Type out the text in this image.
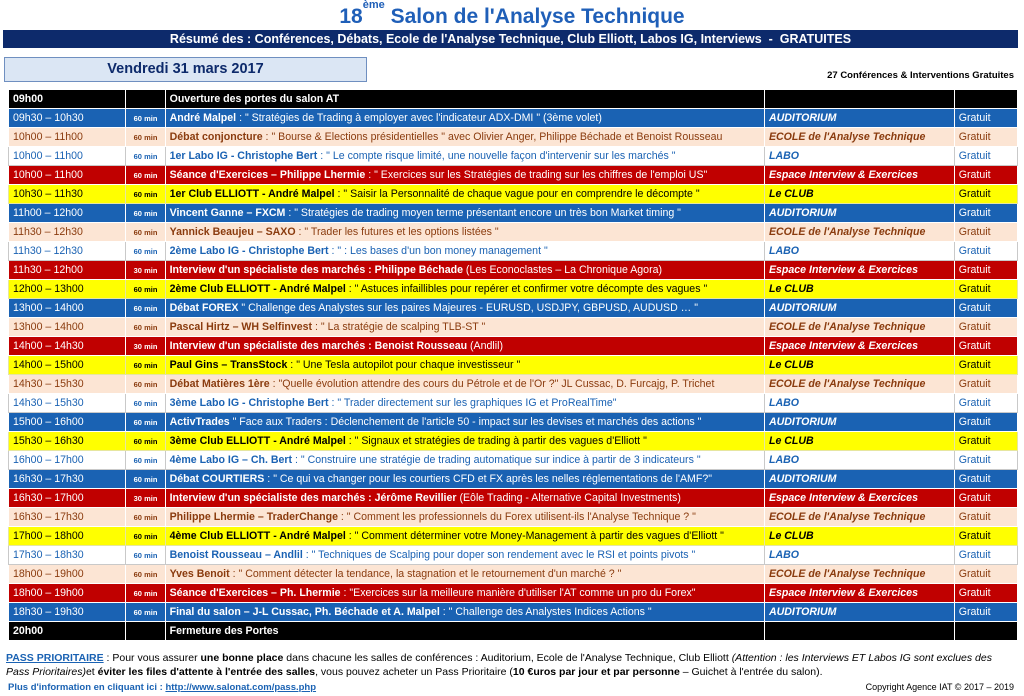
18ème Salon de l'Analyse Technique
Résumé des : Conférences, Débats, Ecole de l'Analyse Technique, Club Elliott, Labos IG, Interviews  -  GRATUITES
Vendredi 31 mars 2017	27 Conférences & Interventions Gratuites
09h00		Ouverture des portes du salon AT		
09h30 – 10h30	60 min	André Malpel : " Stratégies de Trading à employer avec l'indicateur ADX-DMI " (3ème volet)	AUDITORIUM	Gratuit
10h00 – 11h00	60 min	Débat conjoncture : " Bourse & Elections présidentielles " avec Olivier Anger, Philippe Béchade et Benoist Rousseau	ECOLE de l'Analyse Technique	Gratuit
10h00 – 11h00	60 min	1er Labo IG - Christophe Bert : " Le compte risque limité, une nouvelle façon d'intervenir sur les marchés "	LABO	Gratuit
10h00 – 11h00	60 min	Séance d'Exercices – Philippe Lhermie : " Exercices sur les Stratégies de trading sur les chiffres de l'emploi US"	Espace Interview & Exercices	Gratuit
10h30 – 11h30	60 min	1er Club ELLIOTT - André Malpel : " Saisir la Personnalité de chaque vague pour en comprendre le décompte "	Le CLUB	Gratuit
11h00 – 12h00	60 min	Vincent Ganne – FXCM : " Stratégies de trading moyen terme présentant encore un très bon Market timing "	AUDITORIUM	Gratuit
11h30 – 12h30	60 min	Yannick Beaujeu – SAXO : " Trader les futures et les options listées "	ECOLE de l'Analyse Technique	Gratuit
11h30 – 12h30	60 min	2ème Labo IG - Christophe Bert : " : Les bases d'un bon money management "	LABO	Gratuit
11h30 – 12h00	30 min	Interview d'un spécialiste des marchés : Philippe Béchade (Les Econoclastes – La Chronique Agora)	Espace Interview & Exercices	Gratuit
12h00 – 13h00	60 min	2ème Club ELLIOTT - André Malpel : " Astuces infaillibles pour repérer et confirmer votre décompte des vagues "	Le CLUB	Gratuit
13h00 – 14h00	60 min	Débat FOREX " Challenge des Analystes sur les paires Majeures - EURUSD, USDJPY, GBPUSD, AUDUSD … "	AUDITORIUM	Gratuit
13h00 – 14h00	60 min	Pascal Hirtz – WH Selfinvest : " La stratégie de scalping TLB-ST "	ECOLE de l'Analyse Technique	Gratuit
14h00 – 14h30	30 min	Interview d'un spécialiste des marchés : Benoist Rousseau (Andlil)	Espace Interview & Exercices	Gratuit
14h00 – 15h00	60 min	Paul Gins – TransStock : " Une Tesla autopilot pour chaque investisseur "	Le CLUB	Gratuit
14h30 – 15h30	60 min	Débat Matières 1ère : "Quelle évolution attendre des cours du Pétrole et de l'Or ?" JL Cussac, D. Furcajg, P. Trichet	ECOLE de l'Analyse Technique	Gratuit
14h30 – 15h30	60 min	3ème Labo IG - Christophe Bert : " Trader directement sur les graphiques IG et ProRealTime"	LABO	Gratuit
15h00 – 16h00	60 min	ActivTrades " Face aux Traders : Déclenchement de l'article 50 - impact sur les devises et marchés des actions "	AUDITORIUM	Gratuit
15h30 – 16h30	60 min	3ème Club ELLIOTT - André Malpel : " Signaux et stratégies de trading à partir des vagues d'Elliott "	Le CLUB	Gratuit
16h00 – 17h00	60 min	4ème Labo IG – Ch. Bert : " Construire une stratégie de trading automatique sur indice à partir de 3 indicateurs "	LABO	Gratuit
16h30 – 17h30	60 min	Débat COURTIERS : " Ce qui va changer pour les courtiers CFD et FX après les nelles réglementations de l'AMF?"	AUDITORIUM	Gratuit
16h30 – 17h00	30 min	Interview d'un spécialiste des marchés : Jérôme Revillier (Eôle Trading - Alternative Capital Investments)	Espace Interview & Exercices	Gratuit
16h30 – 17h30	60 min	Philippe Lhermie – TraderChange : " Comment les professionnels du Forex utilisent-ils l'Analyse Technique ? "	ECOLE de l'Analyse Technique	Gratuit
17h00 – 18h00	60 min	4ème Club ELLIOTT - André Malpel : " Comment déterminer votre Money-Management à partir des vagues d'Elliott "	Le CLUB	Gratuit
17h30 – 18h30	60 min	Benoist Rousseau – Andlil : " Techniques de Scalping pour doper son rendement avec le RSI et points pivots "	LABO	Gratuit
18h00 – 19h00	60 min	Yves Benoit : " Comment détecter la tendance, la stagnation et le retournement d'un marché ? "	ECOLE de l'Analyse Technique	Gratuit
18h00 – 19h00	60 min	Séance d'Exercices – Ph. Lhermie : "Exercices sur la meilleure manière d'utiliser l'AT comme un pro du Forex"	Espace Interview & Exercices	Gratuit
18h30 – 19h30	60 min	Final du salon – J-L Cussac, Ph. Béchade et A. Malpel : " Challenge des Analystes Indices Actions "	AUDITORIUM	Gratuit
20h00		Fermeture des Portes		
PASS PRIORITAIRE : Pour vous assurer une bonne place dans chacune les salles de conférences : Auditorium, Ecole de l'Analyse Technique, Club Elliott (Attention : les Interviews ET Labos IG sont exclues des Pass Prioritaires)et éviter les files d'attente à l'entrée des salles, vous pouvez acheter un Pass Prioritaire (10 €uros par jour et par personne – Guichet à l'entrée du salon).
Plus d'information en cliquant ici : http://www.salonat.com/pass.php	Copyright Agence IAT © 2017 – 2019
